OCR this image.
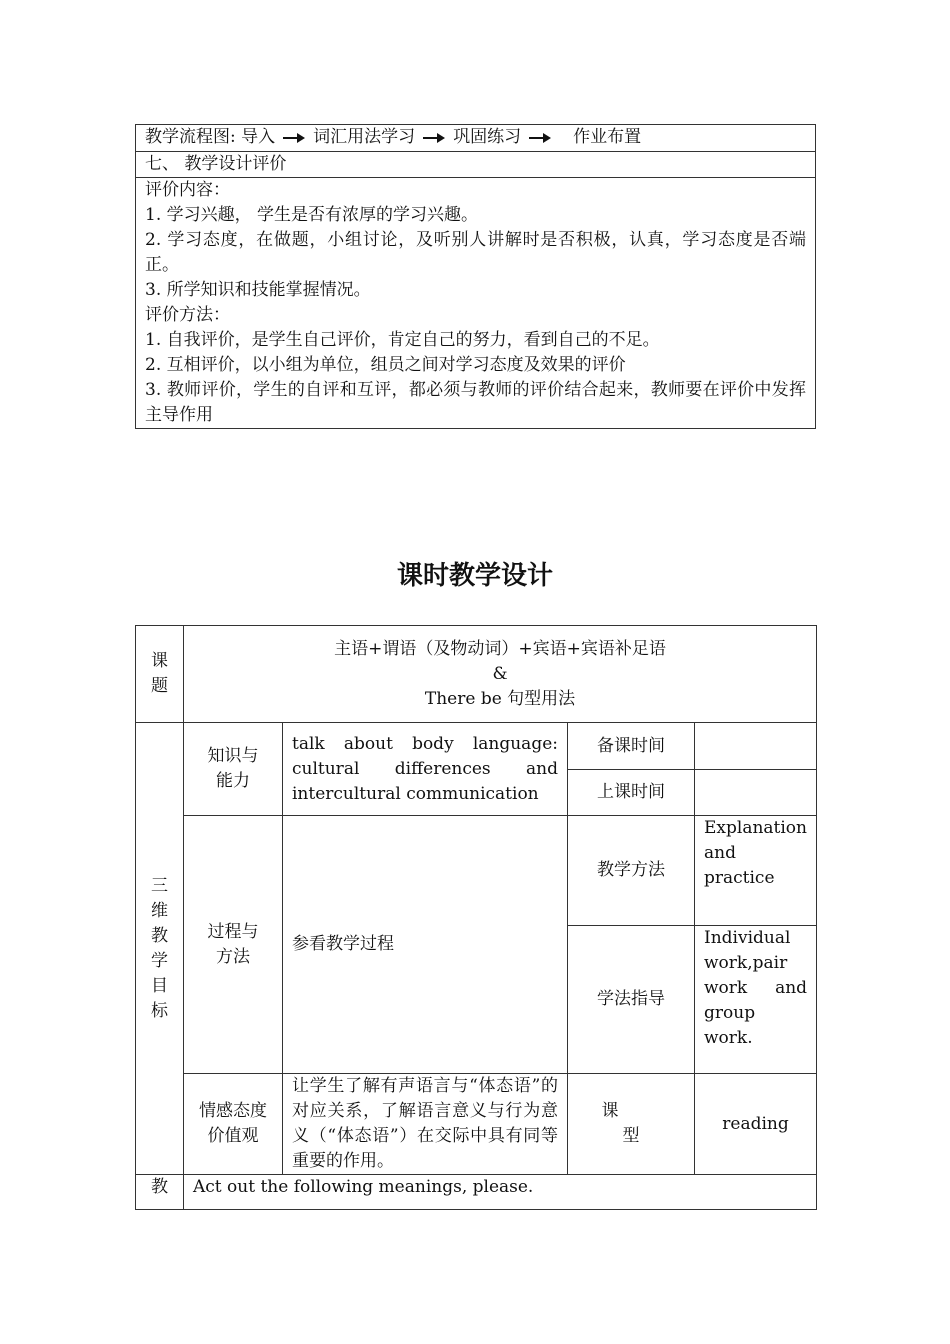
教学流程图: 导入 词汇用法学习 巩固练习	作业布置
七、 教学设计评价

评价内容：
1. 学习兴趣， 学生是否有浓厚的学习兴趣。
2. 学习态度，在做题，小组讨论，及听别人讲解时是否积极，认真，学习态度是否端正。
3. 所学知识和技能掌握情况。
评价方法：
1. 自我评价，是学生自己评价，肯定自己的努力，看到自己的不足。
2. 互相评价，以小组为单位，组员之间对学习态度及效果的评价
3. 教师评价，学生的自评和互评，都必须与教师的评价结合起来，教师要在评价中发挥主导作用
课时教学设计
课题	主语+谓语（及物动词）+宾语+宾语补足语
&
There be 句型用法			

三维教学目标	知识与能力	talk about body language: cultural differences and intercultural communication	备课时间	
			上课时间	

	过程与方法	参看教学过程	教学方法	Explanation and practice
			学法指导	Individual work,pair work and group work.

	情感态度价值观	让学生了解有声语言与“体态语”的对应关系，了解语言意义与行为意义（“体态语”）在交际中具有同等重要的作用。	课型	reading
教	Act out the following meanings, please.			
